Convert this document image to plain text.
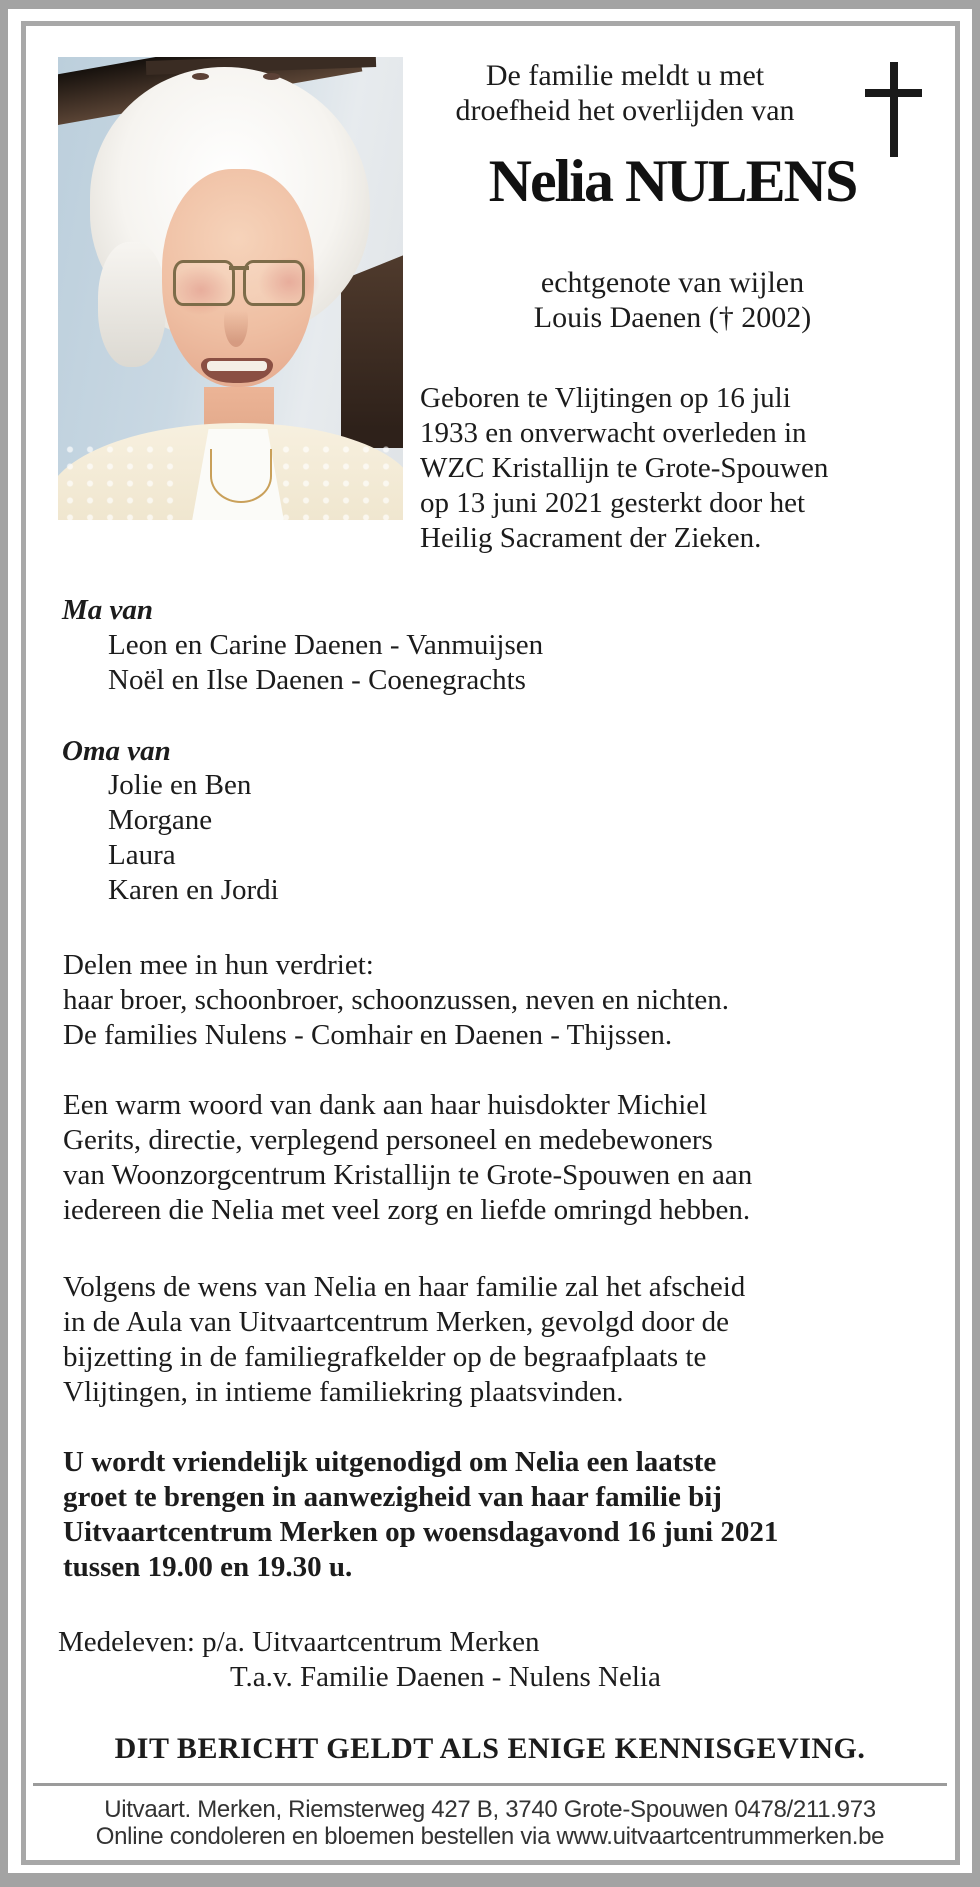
De familie meldt u met
droefheid het overlijden van
Nelia NULENS
echtgenote van wijlen
Louis Daenen († 2002)
Geboren te Vlijtingen op 16 juli
1933 en onverwacht overleden in
WZC Kristallijn te Grote-Spouwen
op 13 juni 2021 gesterkt door het
Heilig Sacrament der Zieken.
Ma van
Leon en Carine Daenen - Vanmuijsen
Noël en Ilse Daenen - Coenegrachts
Oma van
Jolie en Ben
Morgane
Laura
Karen en Jordi
Delen mee in hun verdriet:
haar broer, schoonbroer, schoonzussen, neven en nichten.
De families Nulens - Comhair en Daenen - Thijssen.
Een warm woord van dank aan haar huisdokter Michiel
Gerits, directie, verplegend personeel en medebewoners
van Woonzorgcentrum Kristallijn te Grote-Spouwen en aan
iedereen die Nelia met veel zorg en liefde omringd hebben.
Volgens de wens van Nelia en haar familie zal het afscheid
in de Aula van Uitvaartcentrum Merken, gevolgd door de
bijzetting in de familiegrafkelder op de begraafplaats te
Vlijtingen, in intieme familiekring plaatsvinden.
U wordt vriendelijk uitgenodigd om Nelia een laatste
groet te brengen in aanwezigheid van haar familie bij
Uitvaartcentrum Merken op woensdagavond 16 juni 2021
tussen 19.00 en 19.30 u.
Medeleven: p/a. Uitvaartcentrum Merken
T.a.v. Familie Daenen - Nulens Nelia
DIT BERICHT GELDT ALS ENIGE KENNISGEVING.
Uitvaart. Merken, Riemsterweg 427 B, 3740 Grote-Spouwen 0478/211.973
Online condoleren en bloemen bestellen via www.uitvaartcentrummerken.be
